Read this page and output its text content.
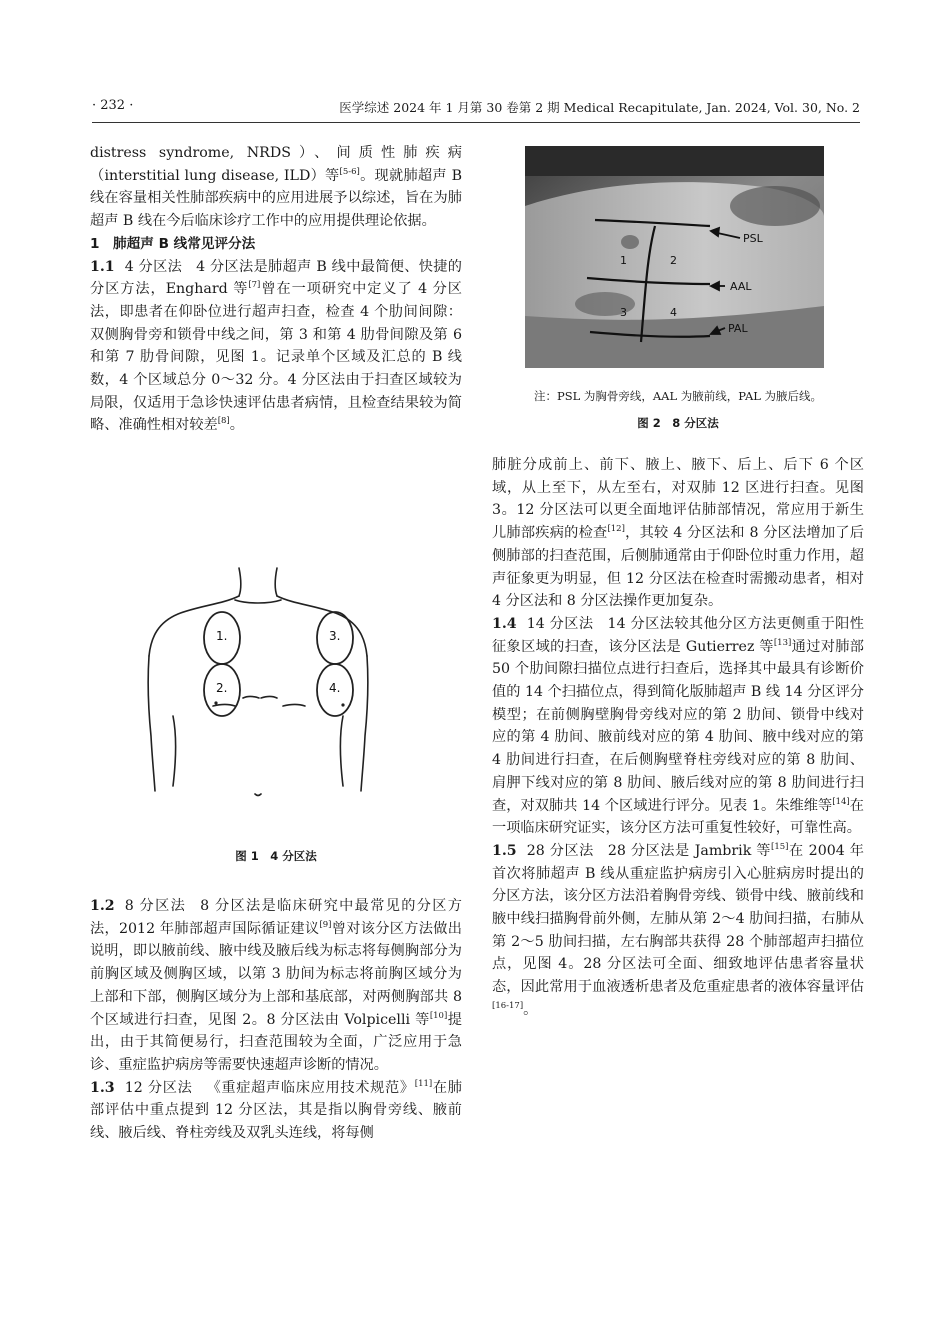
· 232 ·	医学综述 2024 年 1 月第 30 卷第 2 期 Medical Recapitulate, Jan. 2024, Vol. 30, No. 2

distress syndrome, NRDS）、间质性肺疾病（interstitial lung disease, ILD）等[5-6]。现就肺超声 B 线在容量相关性肺部疾病中的应用进展予以综述，旨在为肺超声 B 线在今后临床诊疗工作中的应用提供理论依据。

1　肺超声 B 线常见评分法

1.1 4 分区法 4 分区法是肺超声 B 线中最简便、快捷的分区方法，Enghard 等[7]曾在一项研究中定义了 4 分区法，即患者在仰卧位进行超声扫查，检查 4 个肋间间隙：双侧胸骨旁和锁骨中线之间，第 3 和第 4 肋骨间隙及第 6 和第 7 肋骨间隙，见图 1。记录单个区域及汇总的 B 线数，4 个区域总分 0～32 分。4 分区法由于扫查区域较为局限，仅适用于急诊快速评估患者病情，且检查结果较为简略、准确性相对较差[8]。

1.
2.
3.
4.
图 1　4 分区法

1.2 8 分区法 8 分区法是临床研究中最常见的分区方法，2012 年肺部超声国际循证建议[9]曾对该分区方法做出说明，即以腋前线、腋中线及腋后线为标志将每侧胸部分为前胸区域及侧胸区域，以第 3 肋间为标志将前胸区域分为上部和下部，侧胸区域分为上部和基底部，对两侧胸部共 8 个区域进行扫查，见图 2。8 分区法由 Volpicelli 等[10]提出，由于其简便易行，扫查范围较为全面，广泛应用于急诊、重症监护病房等需要快速超声诊断的情况。

1.3 12 分区法 《重症超声临床应用技术规范》[11]在肺部评估中重点提到 12 分区法，其是指以胸骨旁线、腋前线、腋后线、脊柱旁线及双乳头连线，将每侧

1	2
3	4
PSL
AAL
PAL
注：PSL 为胸骨旁线，AAL 为腋前线，PAL 为腋后线。
图 2　8 分区法

肺脏分成前上、前下、腋上、腋下、后上、后下 6 个区域，从上至下，从左至右，对双肺 12 区进行扫查。见图 3。12 分区法可以更全面地评估肺部情况，常应用于新生儿肺部疾病的检查[12]，其较 4 分区法和 8 分区法增加了后侧肺部的扫查范围，后侧肺通常由于仰卧位时重力作用，超声征象更为明显，但 12 分区法在检查时需搬动患者，相对 4 分区法和 8 分区法操作更加复杂。

1.4 14 分区法 14 分区法较其他分区方法更侧重于阳性征象区域的扫查，该分区法是 Gutierrez 等[13]通过对肺部 50 个肋间隙扫描位点进行扫查后，选择其中最具有诊断价值的 14 个扫描位点，得到简化版肺超声 B 线 14 分区评分模型；在前侧胸壁胸骨旁线对应的第 2 肋间、锁骨中线对应的第 4 肋间、腋前线对应的第 4 肋间、腋中线对应的第 4 肋间进行扫查，在后侧胸壁脊柱旁线对应的第 8 肋间、肩胛下线对应的第 8 肋间、腋后线对应的第 8 肋间进行扫查，对双肺共 14 个区域进行评分。见表 1。朱维维等[14]在一项临床研究证实，该分区方法可重复性较好，可靠性高。

1.5 28 分区法 28 分区法是 Jambrik 等[15]在 2004 年首次将肺超声 B 线从重症监护病房引入心脏病房时提出的分区方法，该分区方法沿着胸骨旁线、锁骨中线、腋前线和腋中线扫描胸骨前外侧，左肺从第 2～4 肋间扫描，右肺从第 2～5 肋间扫描，左右胸部共获得 28 个肺部超声扫描位点，见图 4。28 分区法可全面、细致地评估患者容量状态，因此常用于血液透析患者及危重症患者的液体容量评估[16-17]。
